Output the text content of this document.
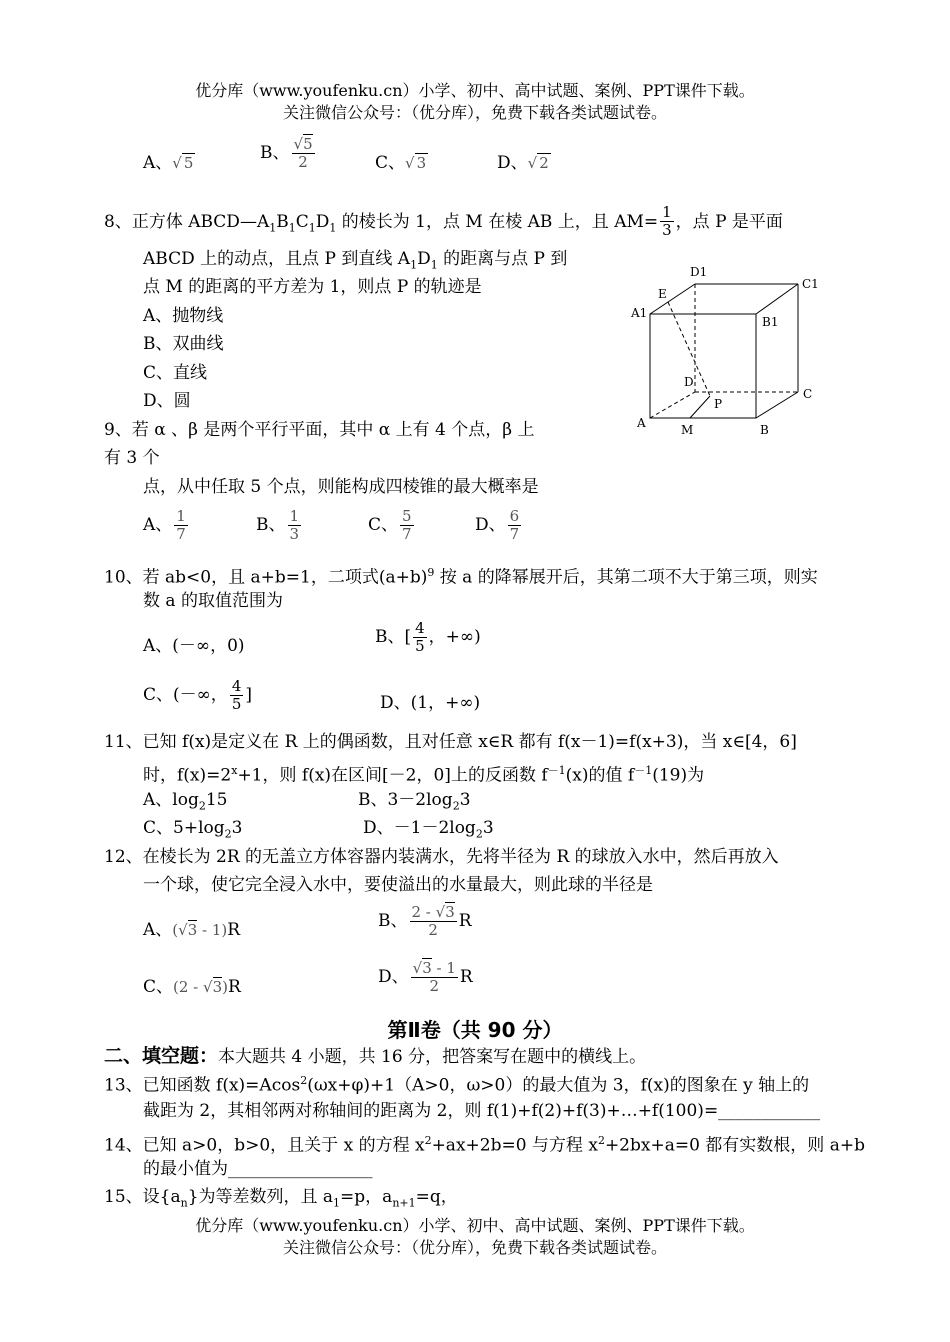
优分库（www.youfenku.cn）小学、初中、高中试题、案例、PPT课件下载。
关注微信公众号：（优分库），免费下载各类试题试卷。
A、√ 5	B、 $\frac{√5}{2}$	C、√ 3	D、√ 2
8、正方体 $ABCD—A_1B_1C_1D_1$ 的棱长为 1，点 M 在棱 AB 上，且 $AM= \frac{1}{3}$ ，点 P 是平面
ABCD 上的动点，且点 P 到直线 $A_1D_1$ 的距离与点 P 到
点 M 的距离的平方差为 1，则点 P 的轨迹是
A、抛物线
B、双曲线
C、直线
D、圆
D1
C1
E
A1
B1
D
C
P
A	M	B
9、若 α 、β 是两个平行平面，其中 α 上有 4 个点，β 上
有 3 个
点，从中任取 5 个点，则能构成四棱锥的最大概率是
A、 $\frac{1}{7}$	B、 $\frac{1}{3}$	C、 $\frac{5}{7}$	D、 $\frac{6}{7}$
10、若 ab<0，且 a+b=1，二项式$(a+b)^9$ 按 a 的降幂展开后，其第二项不大于第三项，则实
数 a 的取值范围为
A、(－∞，0)	B、[ $\frac{4}{5}$ ，+∞)
C、(－∞， $\frac{4}{5}$ ]	D、(1，+∞)
11、已知 f(x)是定义在 R 上的偶函数，且对任意 x∈R 都有 f(x－1)=f(x+3)，当 x∈[4，6]
时，$f(x)=2^x+1$，则 f(x)在区间[－2，0]上的反函数 $f^{-1}(x)$的值 $f^{-1}(19)$为
A、$\log_215$	B、$3-2\log_23$
C、$5+\log_23$	D、$-1-2\log_23$
12、在棱长为 2R 的无盖立方体容器内装满水，先将半径为 R 的球放入水中，然后再放入
一个球，使它完全浸入水中，要使溢出的水量最大，则此球的半径是
A、(√3 - 1)R	B、 $\frac{2 - √3}{2}$ R
C、(2 - √3)R	D、 $\frac{√3 - 1}{2}$ R
第Ⅱ卷（共 90 分）
二、填空题：本大题共 4 小题，共 16 分，把答案写在题中的横线上。
13、已知函数 f(x)=Acos$^2$(ωx+φ)+1（A>0，ω>0）的最大值为 3，f(x)的图象在 y 轴上的
截距为 2，其相邻两对称轴间的距离为 2，则 f(1)+f(2)+f(3)+…+f(100)=____________
14、已知 a>0，b>0，且关于 x 的方程 $x^2+ax+2b=0$ 与方程 $x^2+2bx+a=0$ 都有实数根，则 a+b
的最小值为_________________
15、设$\{a_n\}$为等差数列，且 $a_1=p$，$a_{n+1}=q$，
优分库（www.youfenku.cn）小学、初中、高中试题、案例、PPT课件下载。
关注微信公众号：（优分库），免费下载各类试题试卷。
